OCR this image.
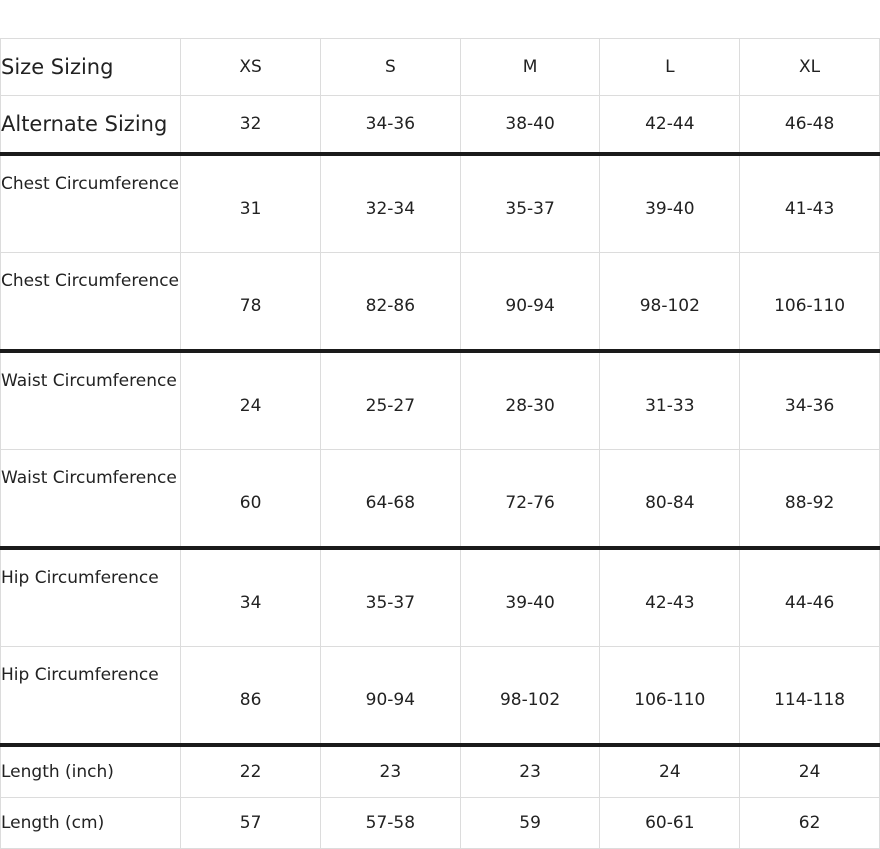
Size Sizing	XS	S	M	L	XL
Alternate Sizing	32	34-36	38-40	42-44	46-48
Chest Circumference	31	32-34	35-37	39-40	41-43
Chest Circumference	78	82-86	90-94	98-102	106-110
Waist Circumference	24	25-27	28-30	31-33	34-36
Waist Circumference	60	64-68	72-76	80-84	88-92
Hip Circumference	34	35-37	39-40	42-43	44-46
Hip Circumference	86	90-94	98-102	106-110	114-118
Length (inch)	22	23	23	24	24
Length (cm)	57	57-58	59	60-61	62
